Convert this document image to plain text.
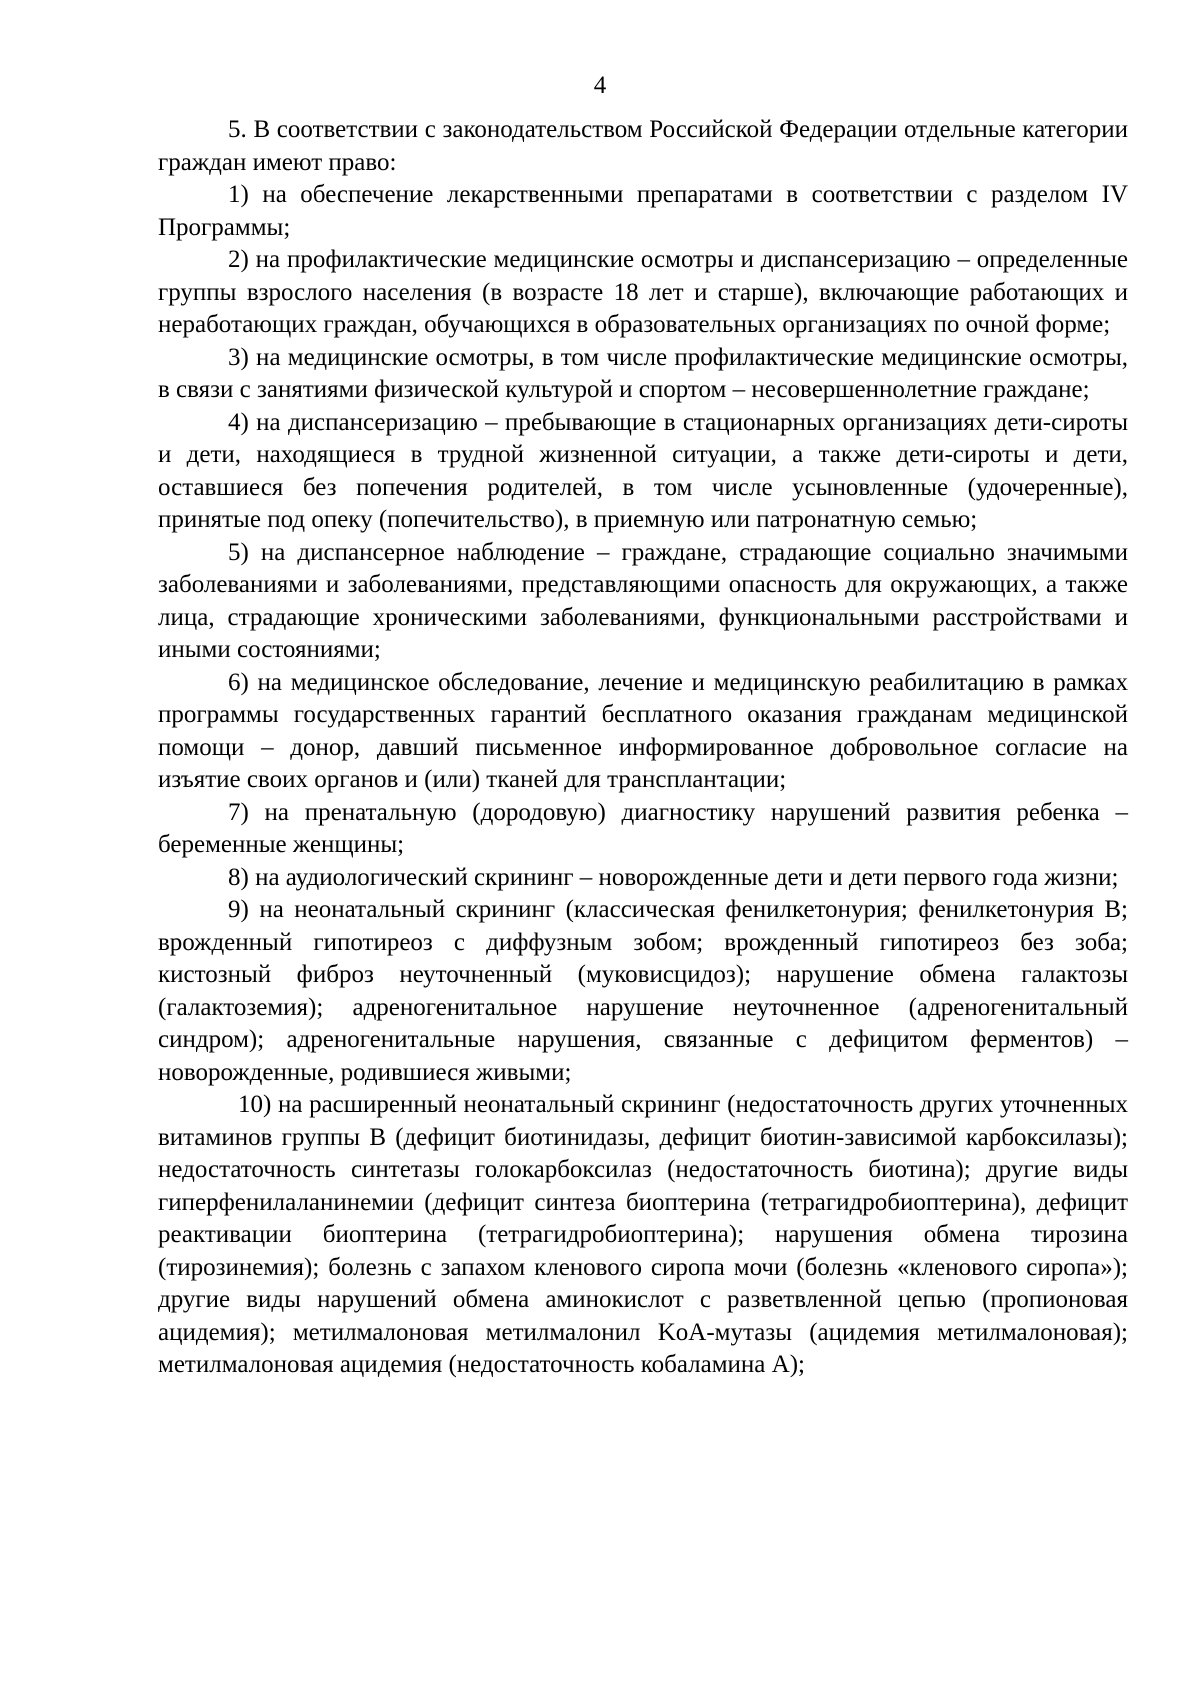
4

5. В соответствии с законодательством Российской Федерации отдельные категории граждан имеют право:

1) на обеспечение лекарственными препаратами в соответствии с разделом IV Программы;

2) на профилактические медицинские осмотры и диспансеризацию – определенные группы взрослого населения (в возрасте 18 лет и старше), включающие работающих и неработающих граждан, обучающихся в образовательных организациях по очной форме;

3) на медицинские осмотры, в том числе профилактические медицинские осмотры, в связи с занятиями физической культурой и спортом – несовершеннолетние граждане;

4) на диспансеризацию – пребывающие в стационарных организациях дети-сироты и дети, находящиеся в трудной жизненной ситуации, а также дети-сироты и дети, оставшиеся без попечения родителей, в том числе усыновленные (удочеренные), принятые под опеку (попечительство), в приемную или патронатную семью;

5) на диспансерное наблюдение – граждане, страдающие социально значимыми заболеваниями и заболеваниями, представляющими опасность для окружающих, а также лица, страдающие хроническими заболеваниями, функциональными расстройствами и иными состояниями;

6) на медицинское обследование, лечение и медицинскую реабилитацию в рамках программы государственных гарантий бесплатного оказания гражданам медицинской помощи – донор, давший письменное информированное добровольное согласие на изъятие своих органов и (или) тканей для трансплантации;

7) на пренатальную (дородовую) диагностику нарушений развития ребенка – беременные женщины;

8) на аудиологический скрининг – новорожденные дети и дети первого года жизни;

9) на неонатальный скрининг (классическая фенилкетонурия; фенилкетонурия B; врожденный гипотиреоз с диффузным зобом; врожденный гипотиреоз без зоба; кистозный фиброз неуточненный (муковисцидоз); нарушение обмена галактозы (галактоземия); адреногенитальное нарушение неуточненное (адреногенитальный синдром); адреногенитальные нарушения, связанные с дефицитом ферментов) – новорожденные, родившиеся живыми;

10) на расширенный неонатальный скрининг (недостаточность других уточненных витаминов группы B (дефицит биотинидазы, дефицит биотин-зависимой карбоксилазы); недостаточность синтетазы голокарбоксилаз (недостаточность биотина); другие виды гиперфенилаланинемии (дефицит синтеза биоптерина (тетрагидробиоптерина), дефицит реактивации биоптерина (тетрагидробиоптерина); нарушения обмена тирозина (тирозинемия); болезнь с запахом кленового сиропа мочи (болезнь «кленового сиропа»); другие виды нарушений обмена аминокислот с разветвленной цепью (пропионовая ацидемия); метилмалоновая метилмалонил KoA-мутазы (ацидемия метилмалоновая); метилмалоновая ацидемия (недостаточность кобаламина A);
